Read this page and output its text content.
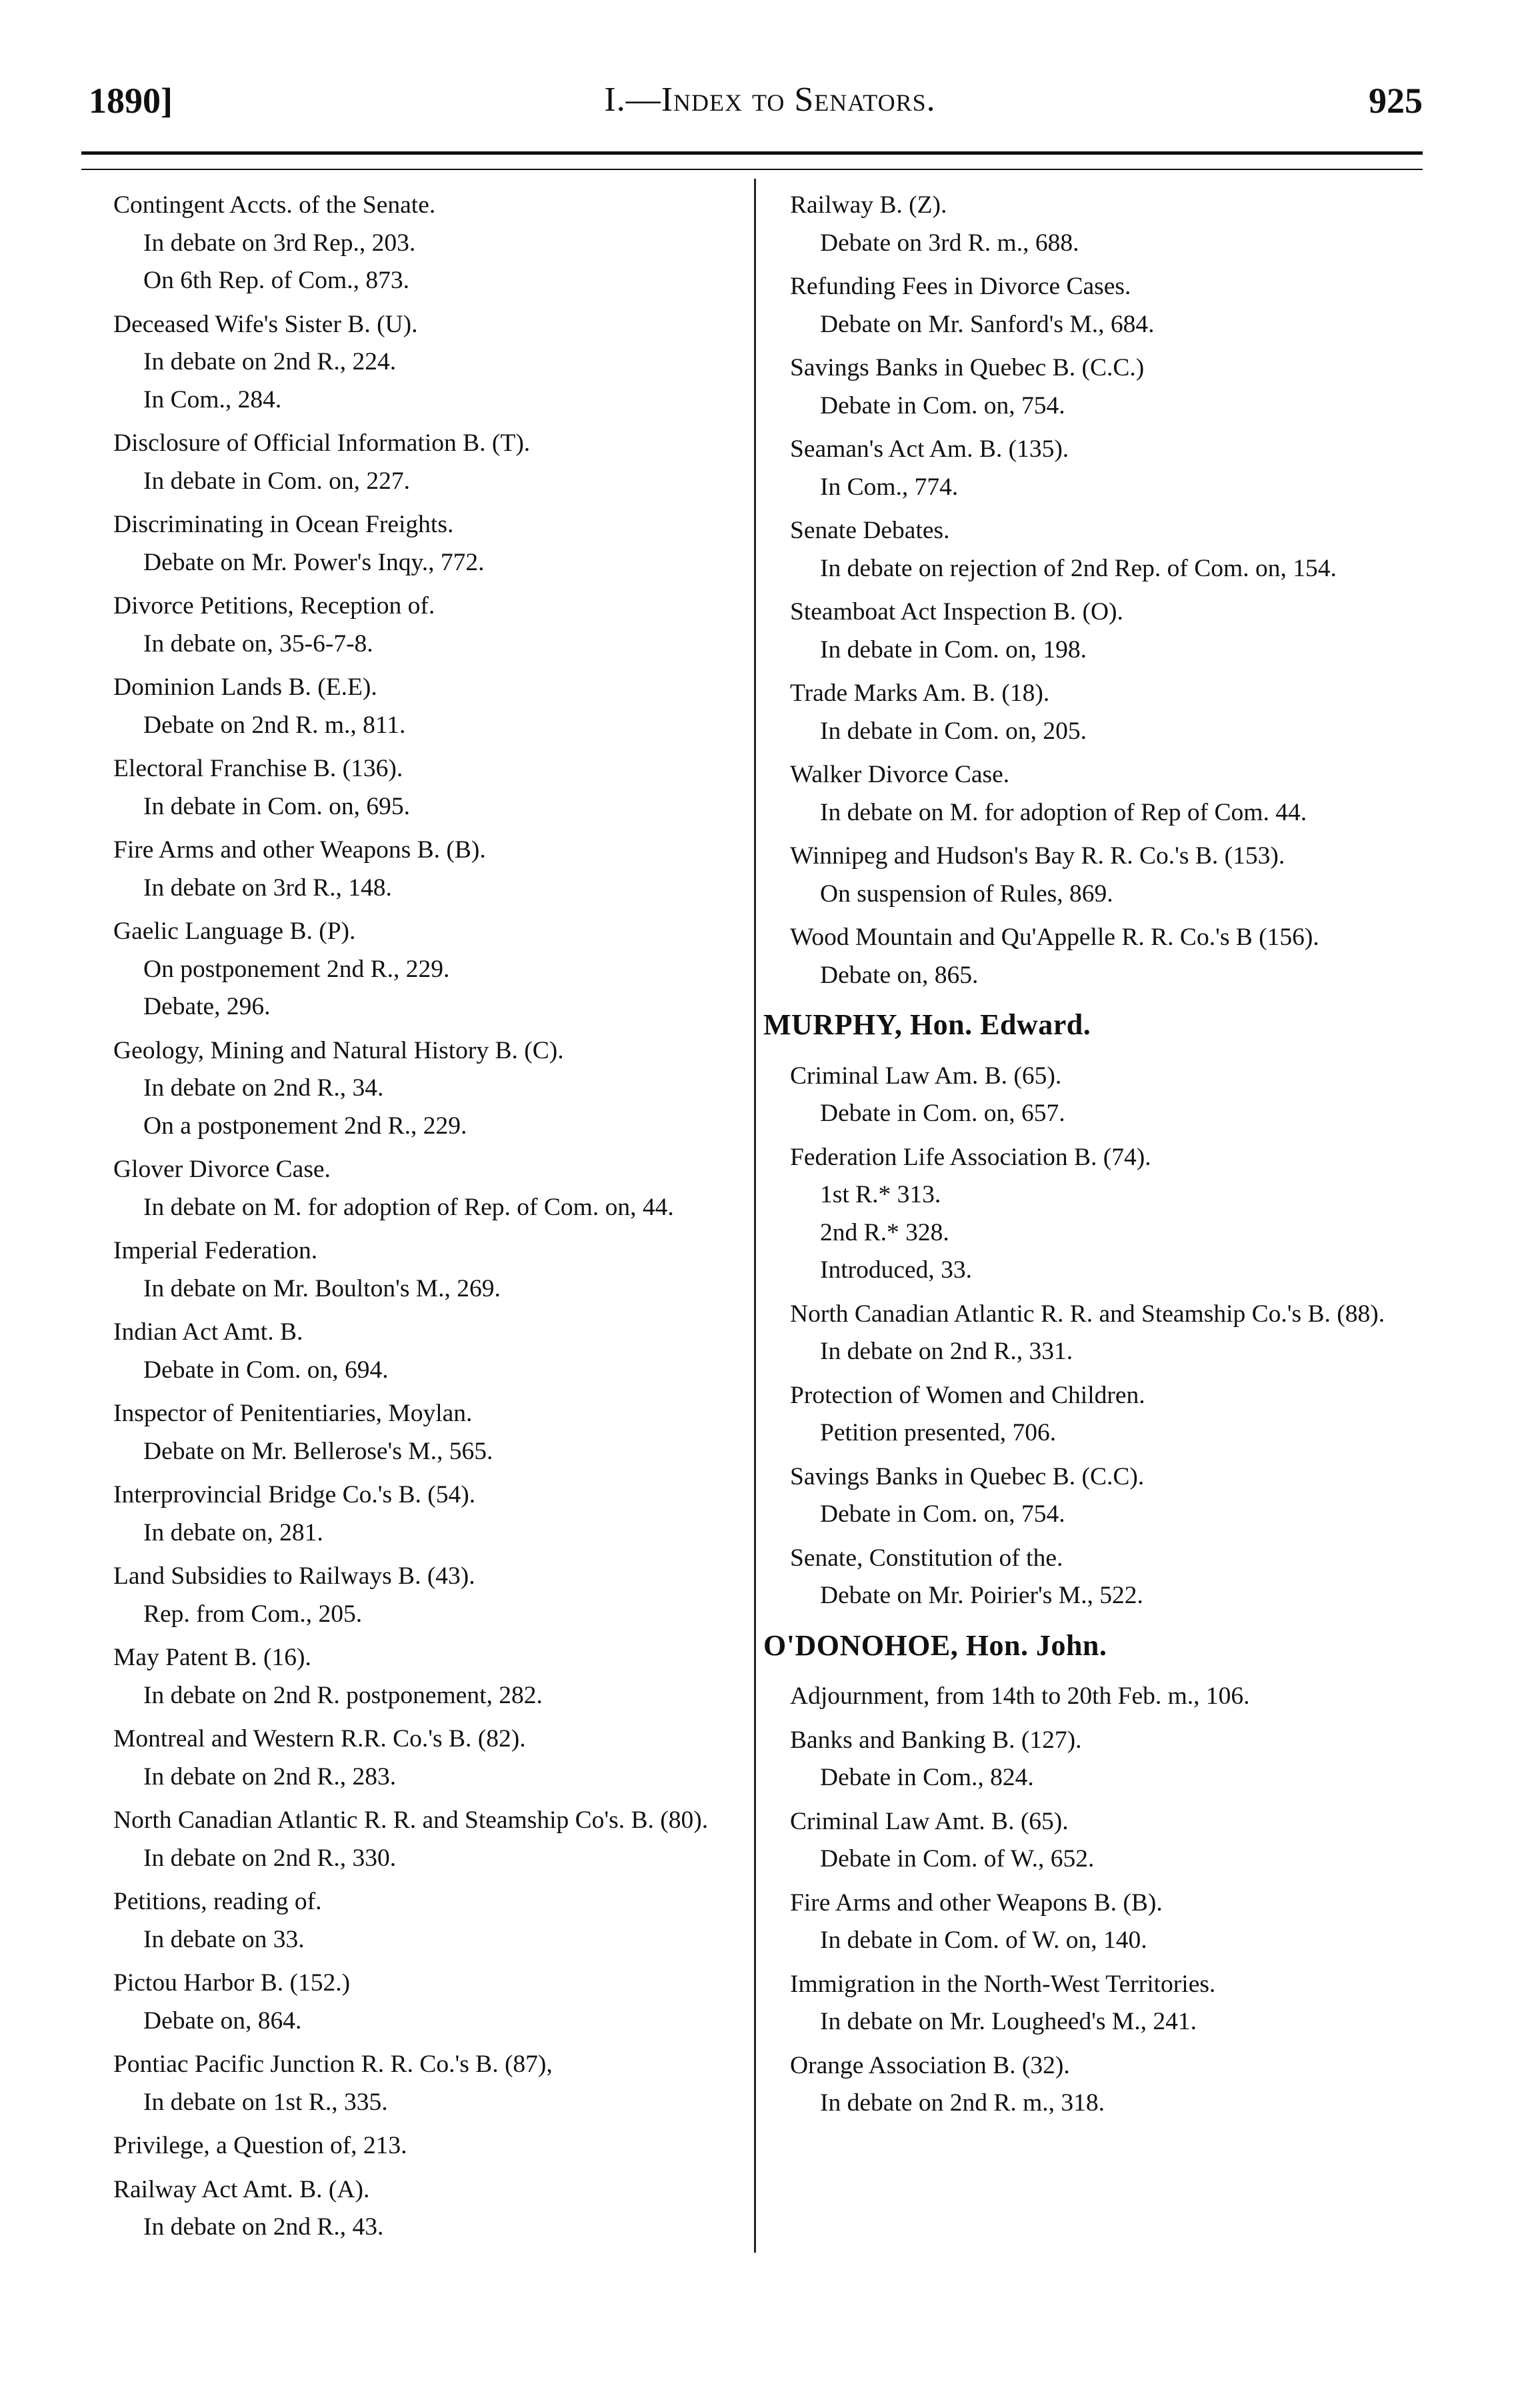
1890]	I.—Index to Senators.	925
Contingent Accts. of the Senate.
In debate on 3rd Rep., 203.
On 6th Rep. of Com., 873.
Deceased Wife's Sister B. (U).
In debate on 2nd R., 224.
In Com., 284.
Disclosure of Official Information B. (T).
In debate in Com. on, 227.
Discriminating in Ocean Freights.
Debate on Mr. Power's Inqy., 772.
Divorce Petitions, Reception of.
In debate on, 35-6-7-8.
Dominion Lands B. (E.E).
Debate on 2nd R. m., 811.
Electoral Franchise B. (136).
In debate in Com. on, 695.
Fire Arms and other Weapons B. (B).
In debate on 3rd R., 148.
Gaelic Language B. (P).
On postponement 2nd R., 229.
Debate, 296.
Geology, Mining and Natural History B. (C).
In debate on 2nd R., 34.
On a postponement 2nd R., 229.
Glover Divorce Case.
In debate on M. for adoption of Rep. of Com. on, 44.
Imperial Federation.
In debate on Mr. Boulton's M., 269.
Indian Act Amt. B.
Debate in Com. on, 694.
Inspector of Penitentiaries, Moylan.
Debate on Mr. Bellerose's M., 565.
Interprovincial Bridge Co.'s B. (54).
In debate on, 281.
Land Subsidies to Railways B. (43).
Rep. from Com., 205.
May Patent B. (16).
In debate on 2nd R. postponement, 282.
Montreal and Western R.R. Co.'s B. (82).
In debate on 2nd R., 283.
North Canadian Atlantic R. R. and Steamship Co's. B. (80).
In debate on 2nd R., 330.
Petitions, reading of.
In debate on 33.
Pictou Harbor B. (152.)
Debate on, 864.
Pontiac Pacific Junction R. R. Co.'s B. (87),
In debate on 1st R., 335.
Privilege, a Question of, 213.
Railway Act Amt. B. (A).
In debate on 2nd R., 43.
Railway B. (Z).
Debate on 3rd R. m., 688.
Refunding Fees in Divorce Cases.
Debate on Mr. Sanford's M., 684.
Savings Banks in Quebec B. (C.C.)
Debate in Com. on, 754.
Seaman's Act Am. B. (135).
In Com., 774.
Senate Debates.
In debate on rejection of 2nd Rep. of Com. on, 154.
Steamboat Act Inspection B. (O).
In debate in Com. on, 198.
Trade Marks Am. B. (18).
In debate in Com. on, 205.
Walker Divorce Case.
In debate on M. for adoption of Rep of Com. 44.
Winnipeg and Hudson's Bay R. R. Co.'s B. (153).
On suspension of Rules, 869.
Wood Mountain and Qu'Appelle R. R. Co.'s B (156).
Debate on, 865.
MURPHY, Hon. Edward.
Criminal Law Am. B. (65).
Debate in Com. on, 657.
Federation Life Association B. (74).
1st R.* 313.
2nd R.* 328.
Introduced, 33.
North Canadian Atlantic R. R. and Steamship Co.'s B. (88).
In debate on 2nd R., 331.
Protection of Women and Children.
Petition presented, 706.
Savings Banks in Quebec B. (C.C).
Debate in Com. on, 754.
Senate, Constitution of the.
Debate on Mr. Poirier's M., 522.
O'DONOHOE, Hon. John.
Adjournment, from 14th to 20th Feb. m., 106.
Banks and Banking B. (127).
Debate in Com., 824.
Criminal Law Amt. B. (65).
Debate in Com. of W., 652.
Fire Arms and other Weapons B. (B).
In debate in Com. of W. on, 140.
Immigration in the North-West Territories.
In debate on Mr. Lougheed's M., 241.
Orange Association B. (32).
In debate on 2nd R. m., 318.
